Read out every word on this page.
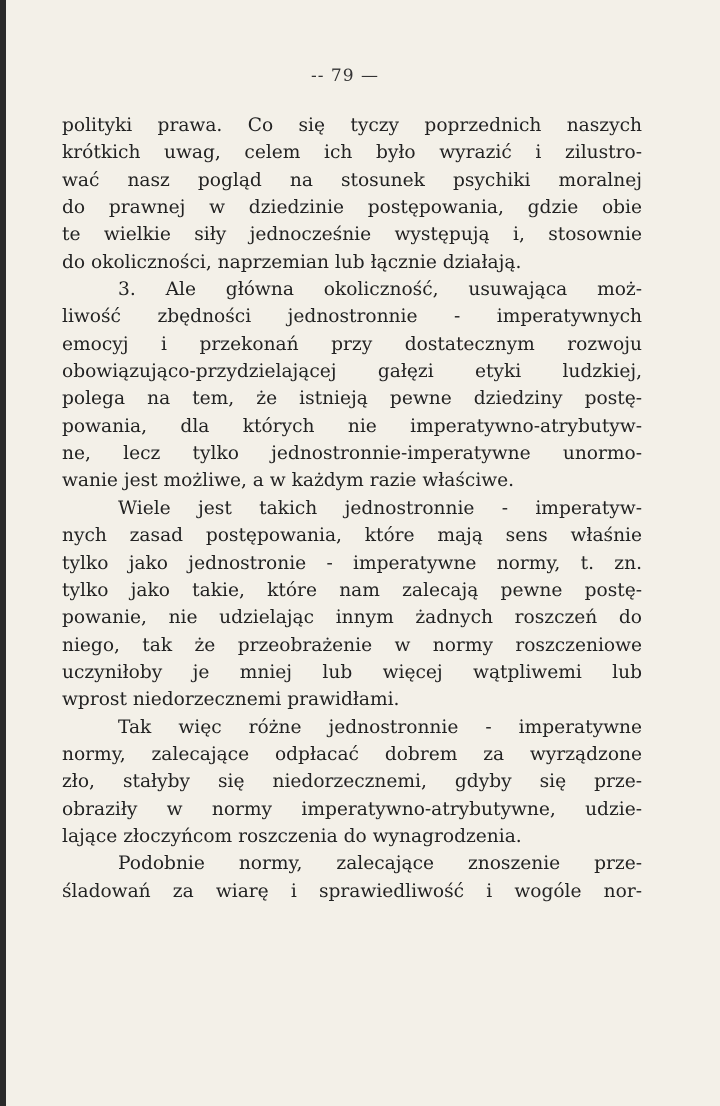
-- 79 —
polityki prawa. Co się tyczy poprzednich naszych
krótkich uwag, celem ich było wyrazić i zilustro-
wać nasz pogląd na stosunek psychiki moralnej
do prawnej w dziedzinie postępowania, gdzie obie
te wielkie siły jednocześnie występują i, stosownie
do okoliczności, naprzemian lub łącznie działają.
3. Ale główna okoliczność, usuwająca moż-
liwość zbędności jednostronnie - imperatywnych
emocyj i przekonań przy dostatecznym rozwoju
obowiązująco-przydzielającej gałęzi etyki ludzkiej,
polega na tem, że istnieją pewne dziedziny postę-
powania, dla których nie imperatywno-atrybutyw-
ne, lecz tylko jednostronnie-imperatywne unormo-
wanie jest możliwe, a w każdym razie właściwe.
Wiele jest takich jednostronnie - imperatyw-
nych zasad postępowania, które mają sens właśnie
tylko jako jednostronie - imperatywne normy, t. zn.
tylko jako takie, które nam zalecają pewne postę-
powanie, nie udzielając innym żadnych roszczeń do
niego, tak że przeobrażenie w normy roszczeniowe
uczyniłoby je mniej lub więcej wątpliwemi lub
wprost niedorzecznemi prawidłami.
Tak więc różne jednostronnie - imperatywne
normy, zalecające odpłacać dobrem za wyrządzone
zło, stałyby się niedorzecznemi, gdyby się prze-
obraziły w normy imperatywno-atrybutywne, udzie-
lające złoczyńcom roszczenia do wynagrodzenia.
Podobnie normy, zalecające znoszenie prze-
śladowań za wiarę i sprawiedliwość i wogóle nor-
